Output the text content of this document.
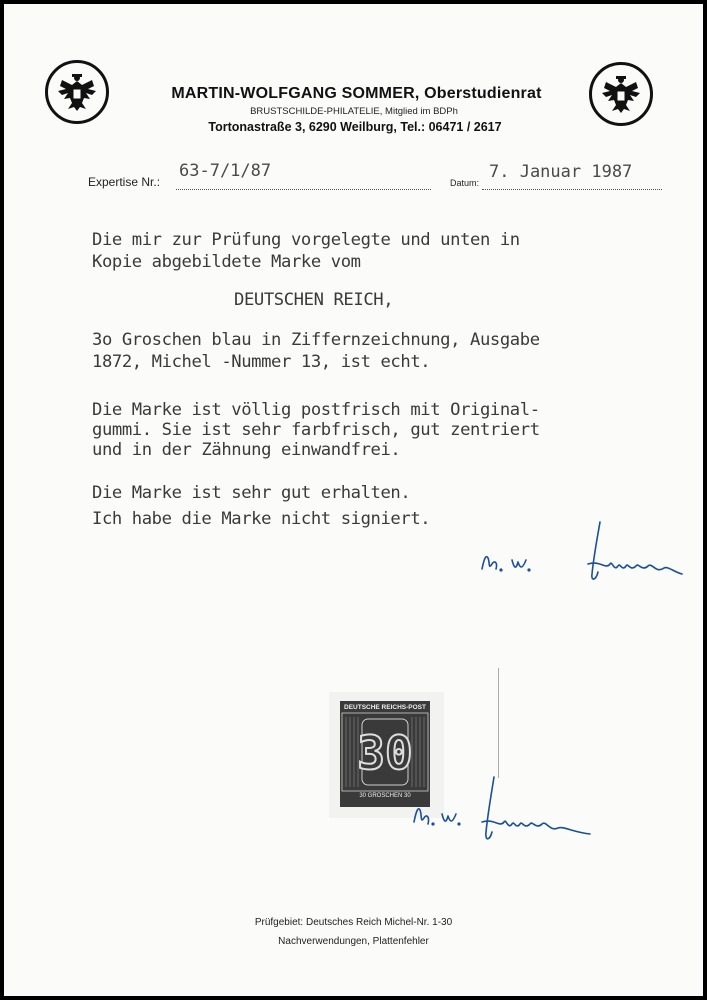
MARTIN-WOLFGANG SOMMER, Oberstudienrat
BRUSTSCHILDE-PHILATELIE, Mitglied im BDPh
Tortonastraße 3, 6290 Weilburg, Tel.: 06471 / 2617
Expertise Nr.:
63-7/1/87
Datum:
7. Januar 1987
Die mir zur Prüfung vorgelegte und unten in
Kopie abgebildete Marke vom
DEUTSCHEN REICH,
3o Groschen blau in Ziffernzeichnung, Ausgabe
1872, Michel -Nummer 13, ist echt.
Die Marke ist völlig postfrisch mit Original-
gummi. Sie ist sehr farbfrisch, gut zentriert
und in der Zähnung einwandfrei.
Die Marke ist sehr gut erhalten.
Ich habe die Marke nicht signiert.
DEUTSCHE REICHS-POST
30
30 GROSCHEN 30
Prüfgebiet: Deutsches Reich Michel-Nr. 1-30
Nachverwendungen, Plattenfehler
